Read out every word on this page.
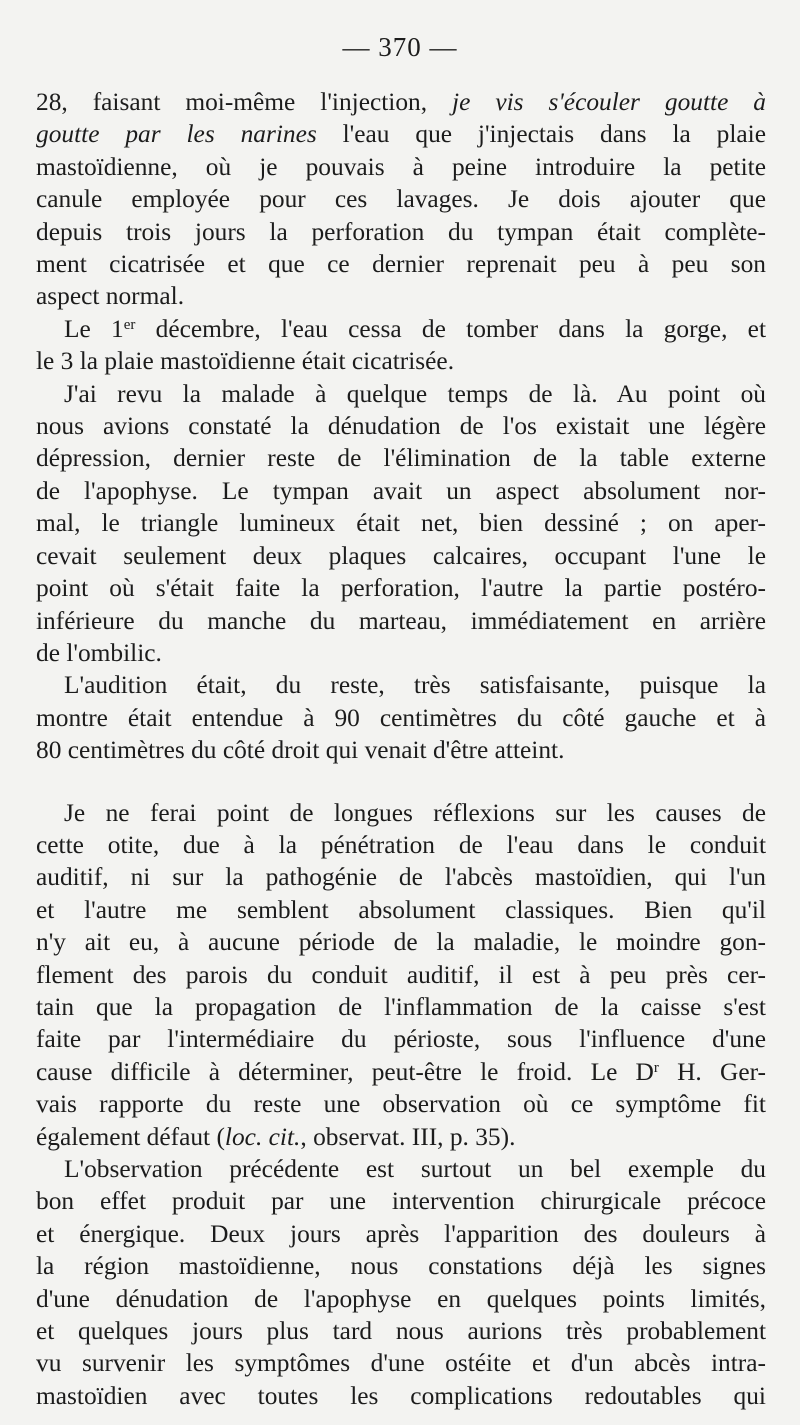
— 370 —
28, faisant moi-même l'injection, je vis s'écouler goutte à
goutte par les narines l'eau que j'injectais dans la plaie
mastoïdienne, où je pouvais à peine introduire la petite
canule employée pour ces lavages. Je dois ajouter que
depuis trois jours la perforation du tympan était complète-
ment cicatrisée et que ce dernier reprenait peu à peu son
aspect normal.
Le 1er décembre, l'eau cessa de tomber dans la gorge, et
le 3 la plaie mastoïdienne était cicatrisée.
J'ai revu la malade à quelque temps de là. Au point où
nous avions constaté la dénudation de l'os existait une légère
dépression, dernier reste de l'élimination de la table externe
de l'apophyse. Le tympan avait un aspect absolument nor-
mal, le triangle lumineux était net, bien dessiné ; on aper-
cevait seulement deux plaques calcaires, occupant l'une le
point où s'était faite la perforation, l'autre la partie postéro-
inférieure du manche du marteau, immédiatement en arrière
de l'ombilic.
L'audition était, du reste, très satisfaisante, puisque la
montre était entendue à 90 centimètres du côté gauche et à
80 centimètres du côté droit qui venait d'être atteint.
Je ne ferai point de longues réflexions sur les causes de
cette otite, due à la pénétration de l'eau dans le conduit
auditif, ni sur la pathogénie de l'abcès mastoïdien, qui l'un
et l'autre me semblent absolument classiques. Bien qu'il
n'y ait eu, à aucune période de la maladie, le moindre gon-
flement des parois du conduit auditif, il est à peu près cer-
tain que la propagation de l'inflammation de la caisse s'est
faite par l'intermédiaire du périoste, sous l'influence d'une
cause difficile à déterminer, peut-être le froid. Le $D^r$ H. Ger-
vais rapporte du reste une observation où ce symptôme fit
également défaut (loc. cit., observat. III, p. 35).
L'observation précédente est surtout un bel exemple du
bon effet produit par une intervention chirurgicale précoce
et énergique. Deux jours après l'apparition des douleurs à
la région mastoïdienne, nous constations déjà les signes
d'une dénudation de l'apophyse en quelques points limités,
et quelques jours plus tard nous aurions très probablement
vu survenir les symptômes d'une ostéite et d'un abcès intra-
mastoïdien avec toutes les complications redoutables qui
